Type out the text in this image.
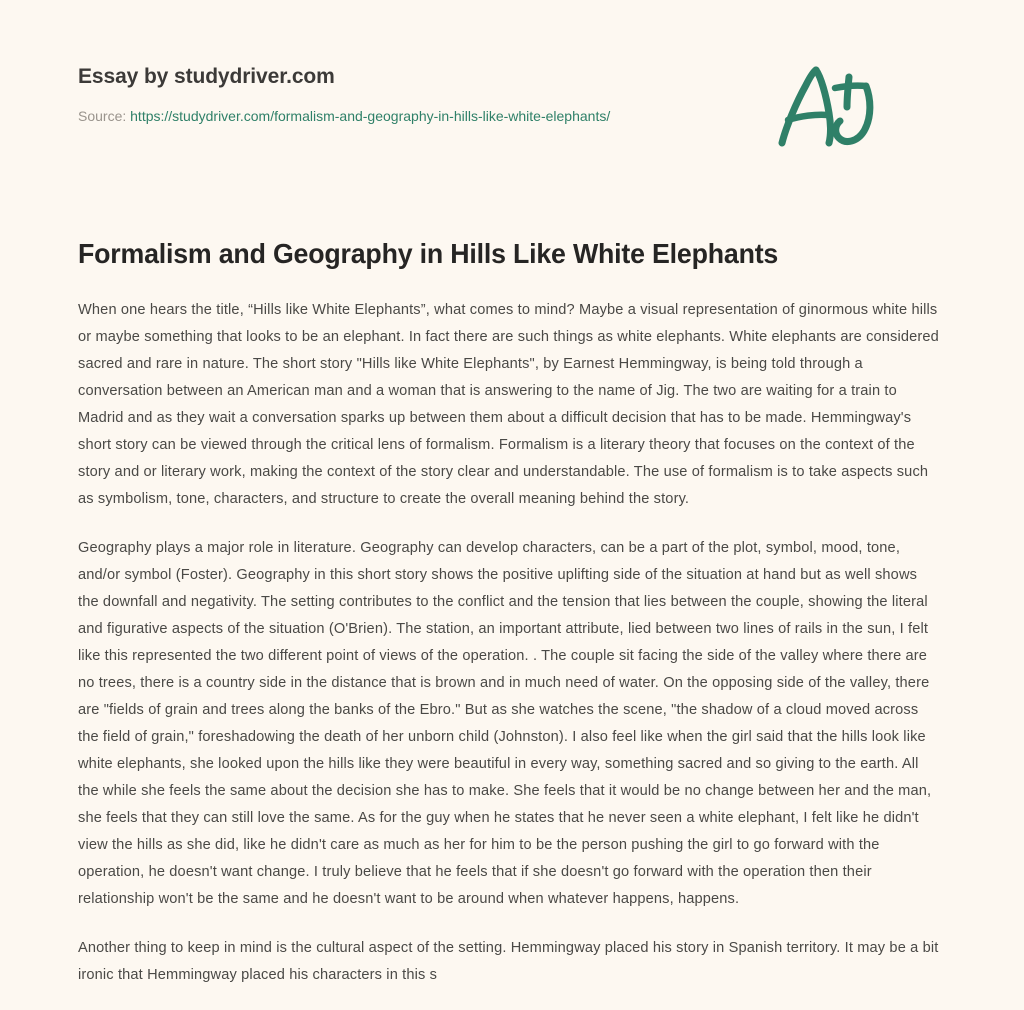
Essay by studydriver.com
Source: https://studydriver.com/formalism-and-geography-in-hills-like-white-elephants/
Formalism and Geography in Hills Like White Elephants

When one hears the title, “Hills like White Elephants”, what comes to mind? Maybe a visual representation of ginormous white hills or maybe something that looks to be an elephant. In fact there are such things as white elephants. White elephants are considered sacred and rare in nature. The short story "Hills like White Elephants", by Earnest Hemmingway, is being told through a conversation between an American man and a woman that is answering to the name of Jig. The two are waiting for a train to Madrid and as they wait a conversation sparks up between them about a difficult decision that has to be made. Hemmingway's short story can be viewed through the critical lens of formalism. Formalism is a literary theory that focuses on the context of the story and or literary work, making the context of the story clear and understandable. The use of formalism is to take aspects such as symbolism, tone, characters, and structure to create the overall meaning behind the story.

Geography plays a major role in literature. Geography can develop characters, can be a part of the plot, symbol, mood, tone, and/or symbol (Foster). Geography in this short story shows the positive uplifting side of the situation at hand but as well shows the downfall and negativity. The setting contributes to the conflict and the tension that lies between the couple, showing the literal and figurative aspects of the situation (O'Brien). The station, an important attribute, lied between two lines of rails in the sun, I felt like this represented the two different point of views of the operation. . The couple sit facing the side of the valley where there are no trees, there is a country side in the distance that is brown and in much need of water. On the opposing side of the valley, there are "fields of grain and trees along the banks of the Ebro." But as she watches the scene, "the shadow of a cloud moved across the field of grain," foreshadowing the death of her unborn child (Johnston). I also feel like when the girl said that the hills look like white elephants, she looked upon the hills like they were beautiful in every way, something sacred and so giving to the earth. All the while she feels the same about the decision she has to make. She feels that it would be no change between her and the man, she feels that they can still love the same. As for the guy when he states that he never seen a white elephant, I felt like he didn't view the hills as she did, like he didn't care as much as her for him to be the person pushing the girl to go forward with the operation, he doesn't want change. I truly believe that he feels that if she doesn't go forward with the operation then their relationship won't be the same and he doesn't want to be around when whatever happens, happens.

Another thing to keep in mind is the cultural aspect of the setting. Hemmingway placed his story in Spanish territory. It may be a bit ironic that Hemmingway placed his characters in this s
